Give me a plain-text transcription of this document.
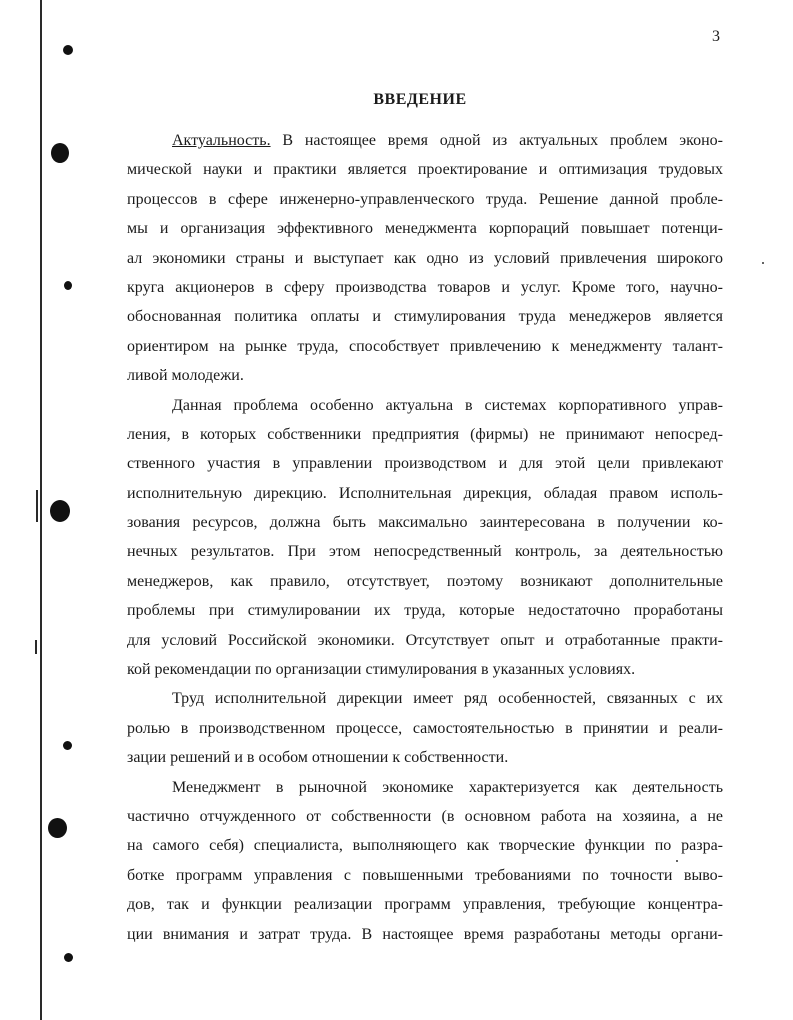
3
ВВЕДЕНИЕ
Актуальность. В настоящее время одной из актуальных проблем эконо-
мической науки и практики является проектирование и оптимизация трудовых
процессов в сфере инженерно-управленческого труда. Решение данной пробле-
мы и организация эффективного менеджмента корпораций повышает потенци-
ал экономики страны и выступает как одно из условий привлечения широкого
круга акционеров в сферу производства товаров и услуг. Кроме того, научно-
обоснованная политика оплаты и стимулирования труда менеджеров является
ориентиром на рынке труда, способствует привлечению к менеджменту талант-
ливой молодежи.
Данная проблема особенно актуальна в системах корпоративного управ-
ления, в которых собственники предприятия (фирмы) не принимают непосред-
ственного участия в управлении производством и для этой цели привлекают
исполнительную дирекцию. Исполнительная дирекция, обладая правом исполь-
зования ресурсов, должна быть максимально заинтересована в получении ко-
нечных результатов. При этом непосредственный контроль, за деятельностью
менеджеров, как правило, отсутствует, поэтому возникают дополнительные
проблемы при стимулировании их труда, которые недостаточно проработаны
для условий Российской экономики. Отсутствует опыт и отработанные практи-
кой рекомендации по организации стимулирования в указанных условиях.
Труд исполнительной дирекции имеет ряд особенностей, связанных с их
ролью в производственном процессе, самостоятельностью в принятии и реали-
зации решений и в особом отношении к собственности.
Менеджмент в рыночной экономике характеризуется как деятельность
частично отчужденного от собственности (в основном работа на хозяина, а не
на самого себя) специалиста, выполняющего как творческие функции по разра-
ботке программ управления с повышенными требованиями по точности выво-
дов, так и функции реализации программ управления, требующие концентра-
ции внимания и затрат труда. В настоящее время разработаны методы органи-
